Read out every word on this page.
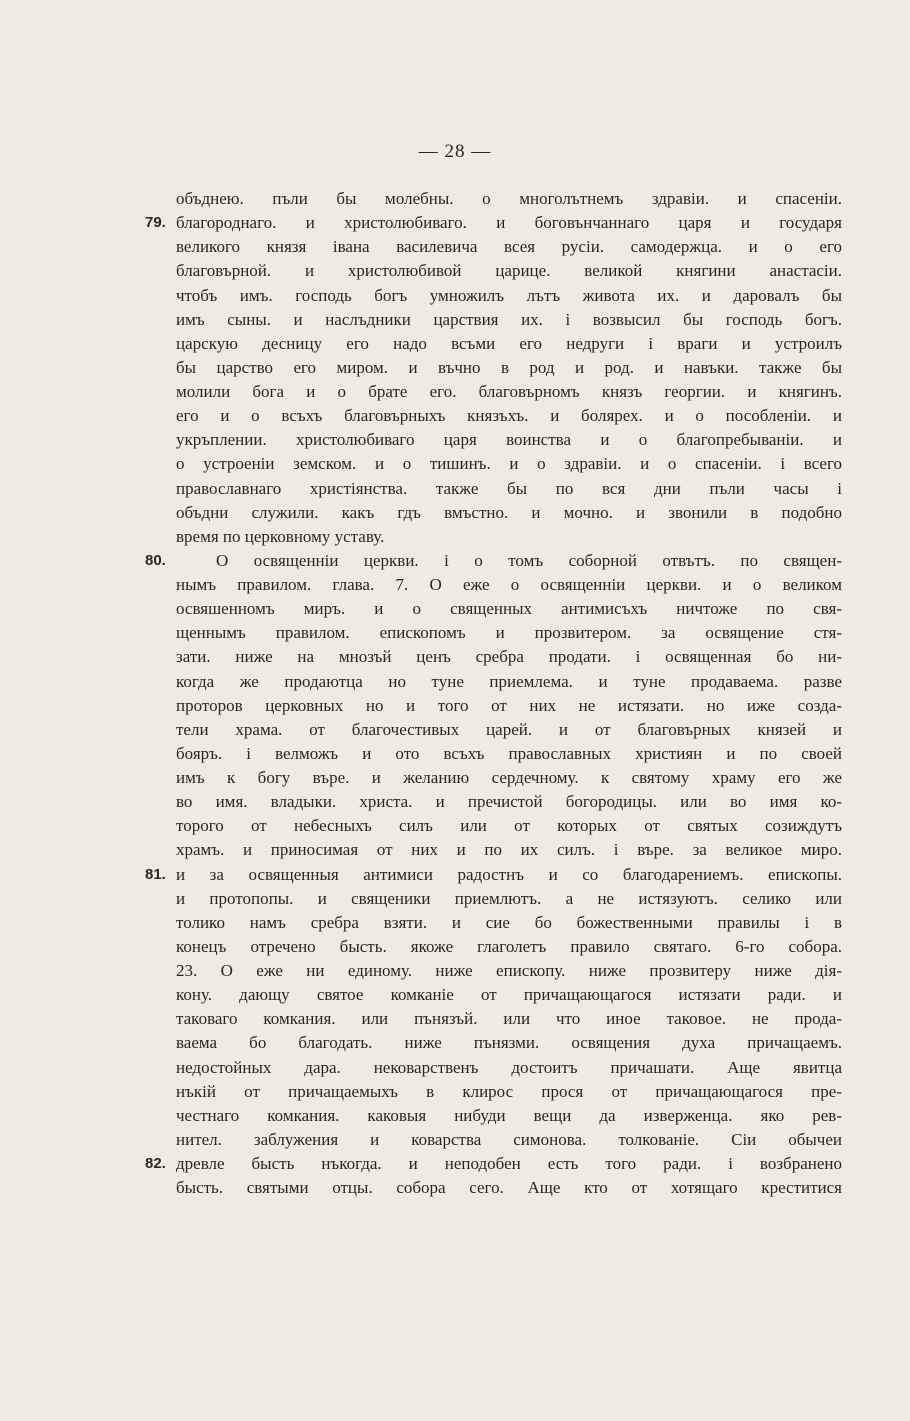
— 28 —
объднею. пъли бы молебны. о многолътнемъ здравіи. и спасеніи.
79. благороднаго. и христолюбиваго. и боговънчаннаго царя и государя
великого князя івана василевича всея русіи. самодержца. и о его
благовърной. и христолюбивой царице. великой княгини анастасіи.
чтобъ имъ. господь богъ умножилъ лътъ живота их. и даровалъ бы
имъ сыны. и наслъдники царствия их. і возвысил бы господь богъ.
царскую десницу его надо всъми его недруги і враги и устроилъ
бы царство его миром. и въчно в род и род. и навъки. также бы
молили бога и о брате его. благовърномъ князъ георгии. и княгинъ.
его и о всъхъ благовърныхъ князъхъ. и болярех. и о пособленіи. и
укръплении. христолюбиваго царя воинства и о благопребываніи. и
о устроеніи земском. и о тишинъ. и о здравіи. и о спасеніи. і всего
православнаго христіянства. также бы по вся дни пъли часы і
объдни служили. какъ гдъ вмъстно. и мочно. и звонили в подобно
время по церковному уставу.
80.	О освященніи церкви. і о томъ соборной отвътъ. по священ-
нымъ правилом. глава. 7. О еже о освященніи церкви. и о великом
освяшенномъ миръ. и о священных антимисъхъ ничтоже по свя-
щеннымъ правилом. епископомъ и прозвитером. за освящение стя-
зати. ниже на мнозъй ценъ сребра продати. і освященная бо ни-
когда же продаютца но туне приемлема. и туне продаваема. разве
проторов церковных но и того от них не истязати. но иже созда-
тели храма. от благочестивых царей. и от благовърных князей и
бояръ. і велможъ и ото всъхъ православных християн и по своей
имъ к богу въре. и желанию сердечному. к святому храму его же
во имя. владыки. христа. и пречистой богородицы. или во имя ко-
торого от небесныхъ силъ или от которых от святых созиждутъ
храмъ. и приносимая от них и по их силъ. і въре. за великое миро.
81. и за освященныя антимиси радостнъ и со благодарениемъ. епископы.
и протопопы. и священики приемлютъ. а не истязуютъ. селико или
толико намъ сребра взяти. и сие бо божественными правилы і в
конецъ отречено бысть. якоже глаголетъ правило святаго. 6-го собора.
23. О еже ни единому. ниже епископу. ниже прозвитеру ниже дія-
кону. дающу святое комканіе от причащающагося истязати ради. и
таковаго комкания. или пънязъй. или что иное таковое. не прода-
ваема бо благодать. ниже пънязми. освящения духа причащаемъ.
недостойных дара. нековарственъ достоитъ причашати. Аще явитца
нъкій от причащаемыхъ в клирос прося от причащающагося пре-
честнаго комкания. каковыя нибуди вещи да изверженца. яко рев-
нител. заблужения и коварства симонова. толкованіе. Сіи обычеи
82. древле бысть нъкогда. и неподобен есть того ради. і возбранено
бысть. святыми отцы. собора сего. Аще кто от хотящаго креститися
